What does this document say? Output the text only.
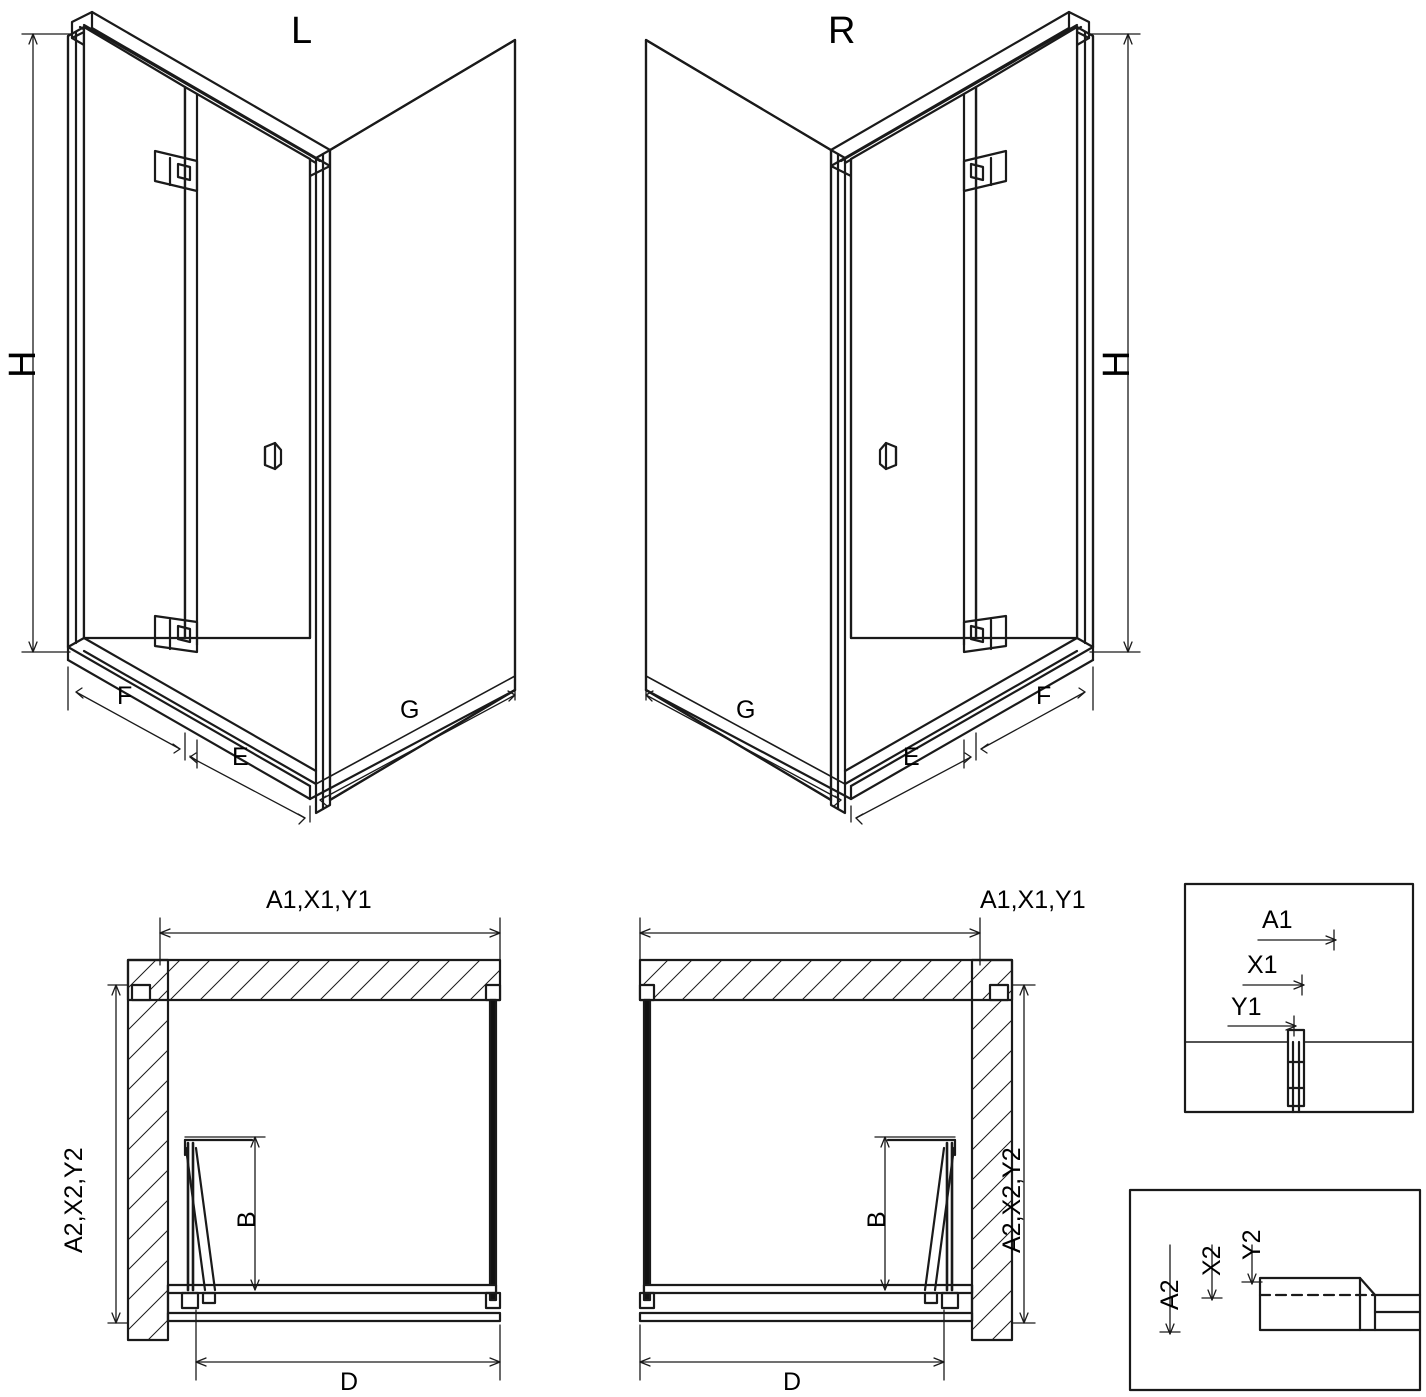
L	R
H	H
F
E
G	G
E
F
A1,X1,Y1	A1,X1,Y1
A2,X2,Y2	A2,X2,Y2
B	B
D	D
A1
X1
Y1
A2
X2
Y2
